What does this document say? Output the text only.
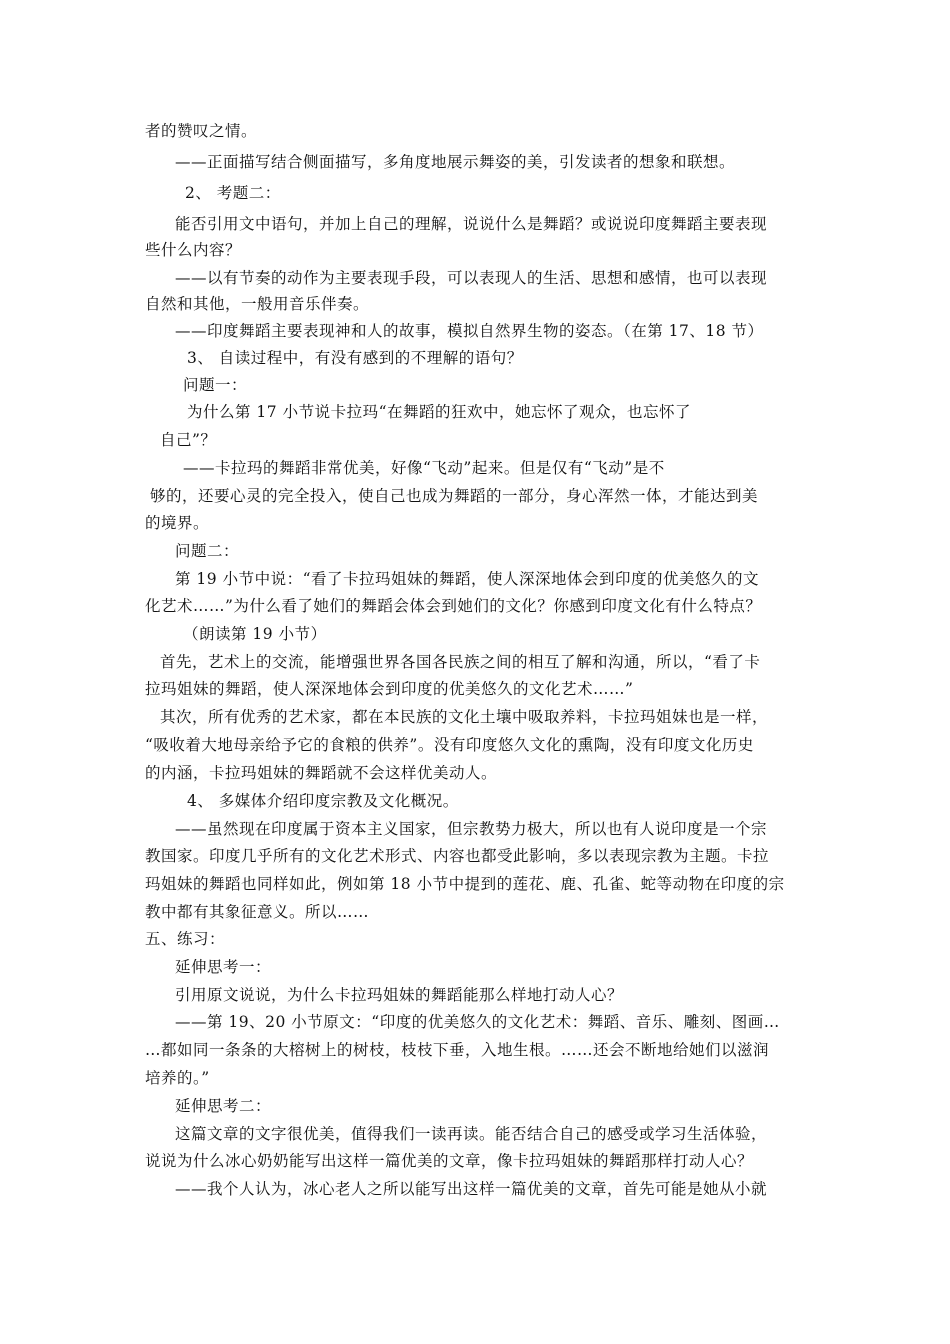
者的赞叹之情。
——正面描写结合侧面描写，多角度地展示舞姿的美，引发读者的想象和联想。
2、 考题二：
能否引用文中语句，并加上自己的理解，说说什么是舞蹈？或说说印度舞蹈主要表现
些什么内容？
——以有节奏的动作为主要表现手段，可以表现人的生活、思想和感情，也可以表现
自然和其他，一般用音乐伴奏。
——印度舞蹈主要表现神和人的故事，模拟自然界生物的姿态。（在第 17、18 节）
3、 自读过程中，有没有感到的不理解的语句？
问题一：
为什么第 17 小节说卡拉玛“在舞蹈的狂欢中，她忘怀了观众，也忘怀了
自己”？
——卡拉玛的舞蹈非常优美，好像“飞动”起来。但是仅有“飞动”是不
够的，还要心灵的完全投入，使自己也成为舞蹈的一部分，身心浑然一体，才能达到美
的境界。
问题二：
第 19 小节中说：“看了卡拉玛姐妹的舞蹈，使人深深地体会到印度的优美悠久的文
化艺术……”为什么看了她们的舞蹈会体会到她们的文化？你感到印度文化有什么特点？
（朗读第 19 小节）
首先，艺术上的交流，能增强世界各国各民族之间的相互了解和沟通，所以，“看了卡
拉玛姐妹的舞蹈，使人深深地体会到印度的优美悠久的文化艺术……”
其次，所有优秀的艺术家，都在本民族的文化土壤中吸取养料，卡拉玛姐妹也是一样，
“吸收着大地母亲给予它的食粮的供养”。没有印度悠久文化的熏陶，没有印度文化历史
的内涵，卡拉玛姐妹的舞蹈就不会这样优美动人。
4、 多媒体介绍印度宗教及文化概况。
——虽然现在印度属于资本主义国家，但宗教势力极大，所以也有人说印度是一个宗
教国家。印度几乎所有的文化艺术形式、内容也都受此影响，多以表现宗教为主题。卡拉
玛姐妹的舞蹈也同样如此，例如第 18 小节中提到的莲花、鹿、孔雀、蛇等动物在印度的宗
教中都有其象征意义。所以……
五、练习：
延伸思考一：
引用原文说说，为什么卡拉玛姐妹的舞蹈能那么样地打动人心？
——第 19、20 小节原文：“印度的优美悠久的文化艺术：舞蹈、音乐、雕刻、图画…
…都如同一条条的大榕树上的树枝，枝枝下垂，入地生根。……还会不断地给她们以滋润
培养的。”
延伸思考二：
这篇文章的文字很优美，值得我们一读再读。能否结合自己的感受或学习生活体验，
说说为什么冰心奶奶能写出这样一篇优美的文章，像卡拉玛姐妹的舞蹈那样打动人心？
——我个人认为，冰心老人之所以能写出这样一篇优美的文章，首先可能是她从小就
